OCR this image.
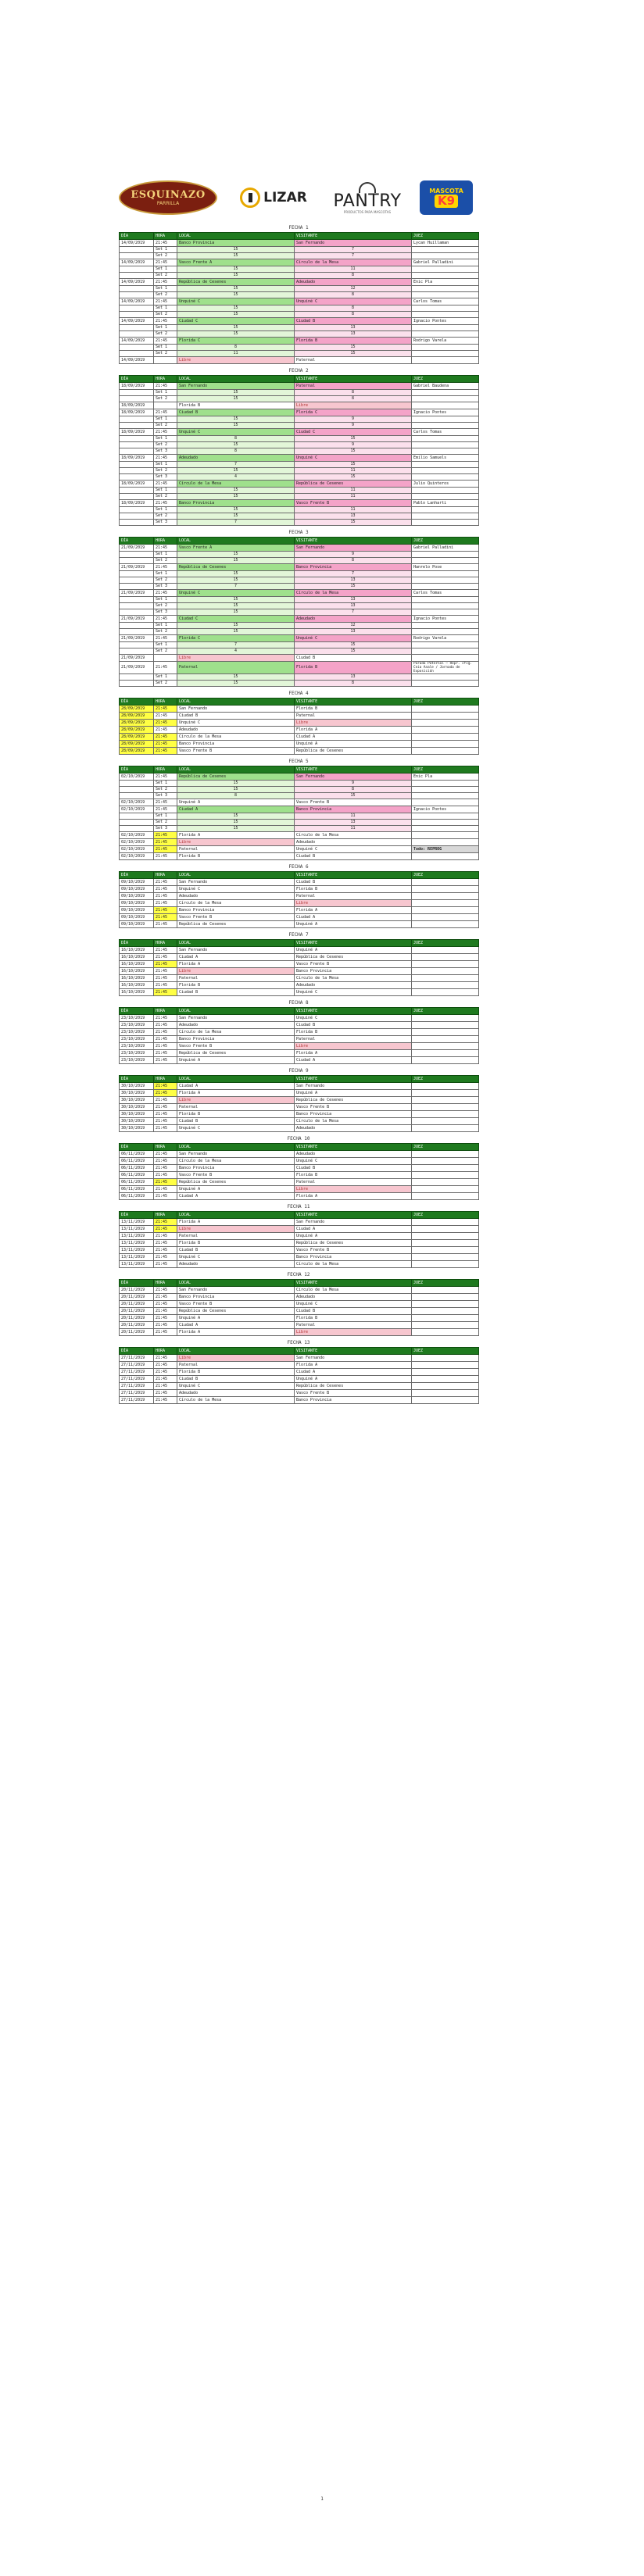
ESQUINAZO
PARRILLA	LIZAR PANTRY
PRODUCTOS PARA MASCOTAS
MASCOTA
K9
FECHA 1
DÍA	HORA	LOCAL	VISITANTE	JUEZ
14/09/2019	21:45	Banco Provincia	San Fernando	Lycan Huillaman
	Set 1	15	7	
	Set 2	15	7	
14/09/2019	21:45	Vasco Frente A	Círculo de la Mesa	Gabriel Palladini
	Set 1	15	11	
	Set 2	15	8	
14/09/2019	21:45	República de Cesenes	Adeudado	Enic Pla
	Set 1	15	12	
	Set 2	15	8	
14/09/2019	21:45	Unquiné C	Unquiné C	Carlos Tomas
	Set 1	15	8	
	Set 2	15	8	
14/09/2019	21:45	Ciudad C	Ciudad B	Ignacio Pontes
	Set 1	15	13	
	Set 2	15	13	
14/09/2019	21:45	Florida C	Florida B	Rodrigo Varela
	Set 1	8	15	
	Set 2	11	15	
14/09/2019		Libre	Paternal	
FECHA 2
DÍA	HORA	LOCAL	VISITANTE	JUEZ
18/09/2019	21:45	San Fernando	Paternal	Gabriel Baudena
	Set 1	15	8	
	Set 2	15	8	
18/09/2019		Florida B	Libre	
18/09/2019	21:45	Ciudad B	Florida C	Ignacio Pontes
	Set 1	15	9	
	Set 2	15	9	
18/09/2019	21:45	Unquiné C	Ciudad C	Carlos Tomas
	Set 1	8	15	
	Set 2	15	9	
	Set 3	8	15	
18/09/2019	21:45	Adeudado	Unquiné C	Emilio Samuels
	Set 1	7	15	
	Set 2	15	11	
	Set 3	4	15	
18/09/2019	21:45	Círculo de la Mesa	República de Cesenes	Julio Quinteros
	Set 1	15	11	
	Set 2	15	11	
18/09/2019	21:45	Banco Provincia	Vasco Frente B	Pablo Lanharti
	Set 1	15	11	
	Set 2	15	13	
	Set 3	7	15	
FECHA 3
DÍA	HORA	LOCAL	VISITANTE	JUEZ
21/09/2019	21:45	Vasco Frente A	San Fernando	Gabriel Palladini
	Set 1	15	9	
	Set 2	15	8	
21/09/2019	21:45	República de Cesenes	Banco Provincia	Hanrelo Pose
	Set 1	15	7	
	Set 2	15	13	
	Set 3	7	15	
21/09/2019	21:45	Unquiné C	Círculo de la Mesa	Carlos Tomas
	Set 1	15	13	
	Set 2	15	13	
	Set 3	15	7	
21/09/2019	21:45	Ciudad C	Adeudado	Ignacio Pontes
	Set 1	15	12	
	Set 2	15	13	
21/09/2019	21:45	Florida C	Unquiné C	Rodrigo Varela
	Set 1	7	15	
	Set 2	4	15	
21/09/2019		Libre	Ciudad B	
21/09/2019	21:45	Paternal	Florida B	Parada Paternal — Repr. cfcg. Cnia Anale / Jornada de Exposición
	Set 1	15	13	
	Set 2	15	8	
FECHA 4
DÍA	HORA	LOCAL	VISITANTE	JUEZ
28/09/2019	21:45	San Fernando	Florida B	
28/09/2019	21:45	Ciudad B	Paternal	
28/09/2019	21:45	Unquiné C	Libre	
28/09/2019	21:45	Adeudado	Florida A	
28/09/2019	21:45	Círculo de la Mesa	Ciudad A	
28/09/2019	21:45	Banco Provincia	Unquiné A	
28/09/2019	21:45	Vasco Frente B	República de Cesenes	
FECHA 5
DÍA	HORA	LOCAL	VISITANTE	JUEZ
02/10/2019	21:45	República de Cesenes	San Fernando	Enic Pla
	Set 1	15	9	
	Set 2	15	8	
	Set 3	8	15	
02/10/2019	21:45	Unquiné A	Vasco Frente B	
02/10/2019	21:45	Ciudad A	Banco Provincia	Ignacio Pontes
	Set 1	15	11	
	Set 2	15	13	
	Set 3	15	11	
02/10/2019	21:45	Florida A	Círculo de la Mesa	
02/10/2019	21:45	Libre	Adeudado	
02/10/2019	21:45	Paternal	Unquiné C	Todo: REPROG
02/10/2019	21:45	Florida B	Ciudad B	
FECHA 6
DÍA	HORA	LOCAL	VISITANTE	JUEZ
09/10/2019	21:45	San Fernando	Ciudad B	
09/10/2019	21:45	Unquiné C	Florida B	
09/10/2019	21:45	Adeudado	Paternal	
09/10/2019	21:45	Círculo de la Mesa	Libre	
09/10/2019	21:45	Banco Provincia	Florida A	
09/10/2019	21:45	Vasco Frente B	Ciudad A	
09/10/2019	21:45	República de Cesenes	Unquiné A	
FECHA 7
DÍA	HORA	LOCAL	VISITANTE	JUEZ
16/10/2019	21:45	San Fernando	Unquiné A	
16/10/2019	21:45	Ciudad A	República de Cesenes	
16/10/2019	21:45	Florida A	Vasco Frente B	
16/10/2019	21:45	Libre	Banco Provincia	
16/10/2019	21:45	Paternal	Círculo de la Mesa	
16/10/2019	21:45	Florida B	Adeudado	
16/10/2019	21:45	Ciudad B	Unquiné C	
FECHA 8
DÍA	HORA	LOCAL	VISITANTE	JUEZ
23/10/2019	21:45	San Fernando	Unquiné C	
23/10/2019	21:45	Adeudado	Ciudad B	
23/10/2019	21:45	Círculo de la Mesa	Florida B	
23/10/2019	21:45	Banco Provincia	Paternal	
23/10/2019	21:45	Vasco Frente B	Libre	
23/10/2019	21:45	República de Cesenes	Florida A	
23/10/2019	21:45	Unquiné A	Ciudad A	
FECHA 9
DÍA	HORA	LOCAL	VISITANTE	JUEZ
30/10/2019	21:45	Ciudad A	San Fernando	
30/10/2019	21:45	Florida A	Unquiné A	
30/10/2019	21:45	Libre	República de Cesenes	
30/10/2019	21:45	Paternal	Vasco Frente B	
30/10/2019	21:45	Florida B	Banco Provincia	
30/10/2019	21:45	Ciudad B	Círculo de la Mesa	
30/10/2019	21:45	Unquiné C	Adeudado	
FECHA 10
DÍA	HORA	LOCAL	VISITANTE	JUEZ
06/11/2019	21:45	San Fernando	Adeudado	
06/11/2019	21:45	Círculo de la Mesa	Unquiné C	
06/11/2019	21:45	Banco Provincia	Ciudad B	
06/11/2019	21:45	Vasco Frente B	Florida B	
06/11/2019	21:45	República de Cesenes	Paternal	
06/11/2019	21:45	Unquiné A	Libre	
06/11/2019	21:45	Ciudad A	Florida A	
FECHA 11
DÍA	HORA	LOCAL	VISITANTE	JUEZ
13/11/2019	21:45	Florida A	San Fernando	
13/11/2019	21:45	Libre	Ciudad A	
13/11/2019	21:45	Paternal	Unquiné A	
13/11/2019	21:45	Florida B	República de Cesenes	
13/11/2019	21:45	Ciudad B	Vasco Frente B	
13/11/2019	21:45	Unquiné C	Banco Provincia	
13/11/2019	21:45	Adeudado	Círculo de la Mesa	
FECHA 12
DÍA	HORA	LOCAL	VISITANTE	JUEZ
20/11/2019	21:45	San Fernando	Círculo de la Mesa	
20/11/2019	21:45	Banco Provincia	Adeudado	
20/11/2019	21:45	Vasco Frente B	Unquiné C	
20/11/2019	21:45	República de Cesenes	Ciudad B	
20/11/2019	21:45	Unquiné A	Florida B	
20/11/2019	21:45	Ciudad A	Paternal	
20/11/2019	21:45	Florida A	Libre	
FECHA 13
DÍA	HORA	LOCAL	VISITANTE	JUEZ
27/11/2019	21:45	Libre	San Fernando	
27/11/2019	21:45	Paternal	Florida A	
27/11/2019	21:45	Florida B	Ciudad A	
27/11/2019	21:45	Ciudad B	Unquiné A	
27/11/2019	21:45	Unquiné C	República de Cesenes	
27/11/2019	21:45	Adeudado	Vasco Frente B	
27/11/2019	21:45	Círculo de la Mesa	Banco Provincia	
1
